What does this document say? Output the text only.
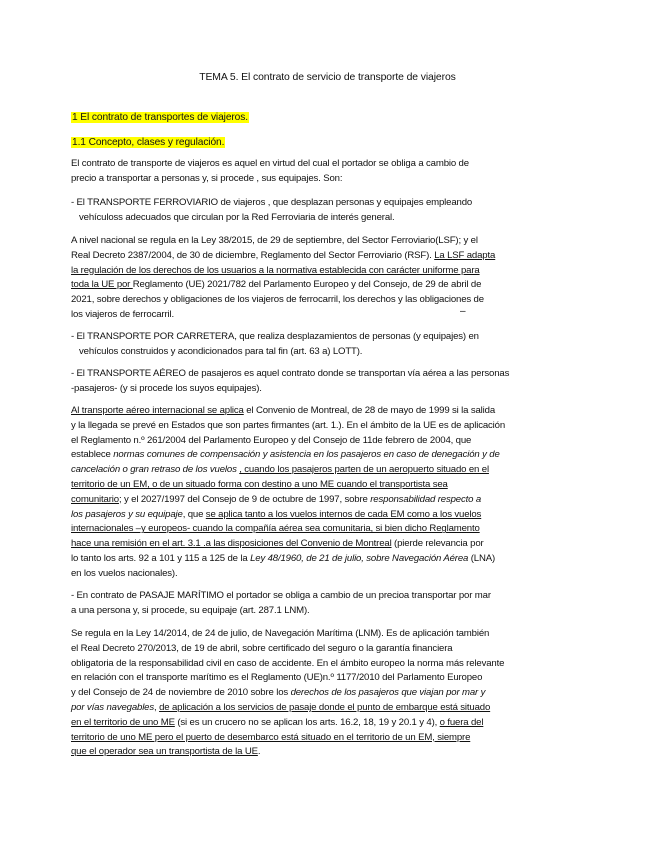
TEMA 5. El contrato de servicio de transporte de viajeros
1 El contrato de transportes de viajeros.
1.1 Concepto, clases y regulación.

El contrato de transporte de viajeros es aquel en virtud del cual el portador se obliga a cambio de

precio a transportar a personas y, si procede , sus equipajes. Son:

- El TRANSPORTE FERROVIARIO de viajeros , que desplazan personas y equipajes empleando

vehículoss adecuados que circulan por la Red Ferroviaria de interés general.

A nivel nacional se regula en la Ley 38/2015, de 29 de septiembre, del Sector Ferroviario(LSF); y el

Real Decreto 2387/2004, de 30 de diciembre, Reglamento del Sector Ferroviario (RSF). La LSF adapta

la regulación de los derechos de los usuarios a la normativa establecida con carácter uniforme para

toda la UE por Reglamento (UE) 2021/782 del Parlamento Europeo y del Consejo, de 29 de abril de

2021, sobre derechos y obligaciones de los viajeros de ferrocarril, los derechos y las obligaciones de

los viajeros de ferrocarril.	–

- El TRANSPORTE POR CARRETERA, que realiza desplazamientos de personas (y equipajes) en

vehículos construidos y acondicionados para tal fin (art. 63 a) LOTT).

- El TRANSPORTE AÉREO de pasajeros es aquel contrato donde se transportan vía aérea a las personas

-pasajeros- (y si procede los suyos equipajes).

Al transporte aéreo internacional se aplica el Convenio de Montreal, de 28 de mayo de 1999 si la salida

y la llegada se prevé en Estados que son partes firmantes (art. 1.). En el ámbito de la UE es de aplicación

el Reglamento n.º 261/2004 del Parlamento Europeo y del Consejo de 11de febrero de 2004, que

establece normas comunes de compensación y asistencia en los pasajeros en caso de denegación y de

cancelación o gran retraso de los vuelos , cuando los pasajeros parten de un aeropuerto situado en el

territorio de un EM, o de un situado forma con destino a uno ME cuando el transportista sea

comunitario; y el 2027/1997 del Consejo de 9 de octubre de 1997, sobre responsabilidad respecto a

los pasajeros y su equipaje, que se aplica tanto a los vuelos internos de cada EM como a los vuelos

internacionales –y europeos- cuando la compañía aérea sea comunitaria, si bien dicho Reglamento

hace una remisión en el art. 3.1 .a las disposiciones del Convenio de Montreal (pierde relevancia por

lo tanto los arts. 92 a 101 y 115 a 125 de la Ley 48/1960, de 21 de julio, sobre Navegación Aérea (LNA)

en los vuelos nacionales).

- En contrato de PASAJE MARÍTIMO el portador se obliga a cambio de un precioa transportar por mar

a una persona y, si procede, su equipaje (art. 287.1 LNM).

Se regula en la Ley 14/2014, de 24 de julio, de Navegación Marítima (LNM). Es de aplicación también

el Real Decreto 270/2013, de 19 de abril, sobre certificado del seguro o la garantía financiera

obligatoria de la responsabilidad civil en caso de accidente. En el ámbito europeo la norma más relevante

en relación con el transporte marítimo es el Reglamento (UE)n.º 1177/2010 del Parlamento Europeo

y del Consejo de 24 de noviembre de 2010 sobre los derechos de los pasajeros que viajan por mar y

por vías navegables, de aplicación a los servicios de pasaje donde el punto de embarque está situado

en el territorio de uno ME (si es un crucero no se aplican los arts. 16.2, 18, 19 y 20.1 y 4), o fuera del

territorio de uno ME pero el puerto de desembarco está situado en el territorio de un EM, siempre

que el operador sea un transportista de la UE.
